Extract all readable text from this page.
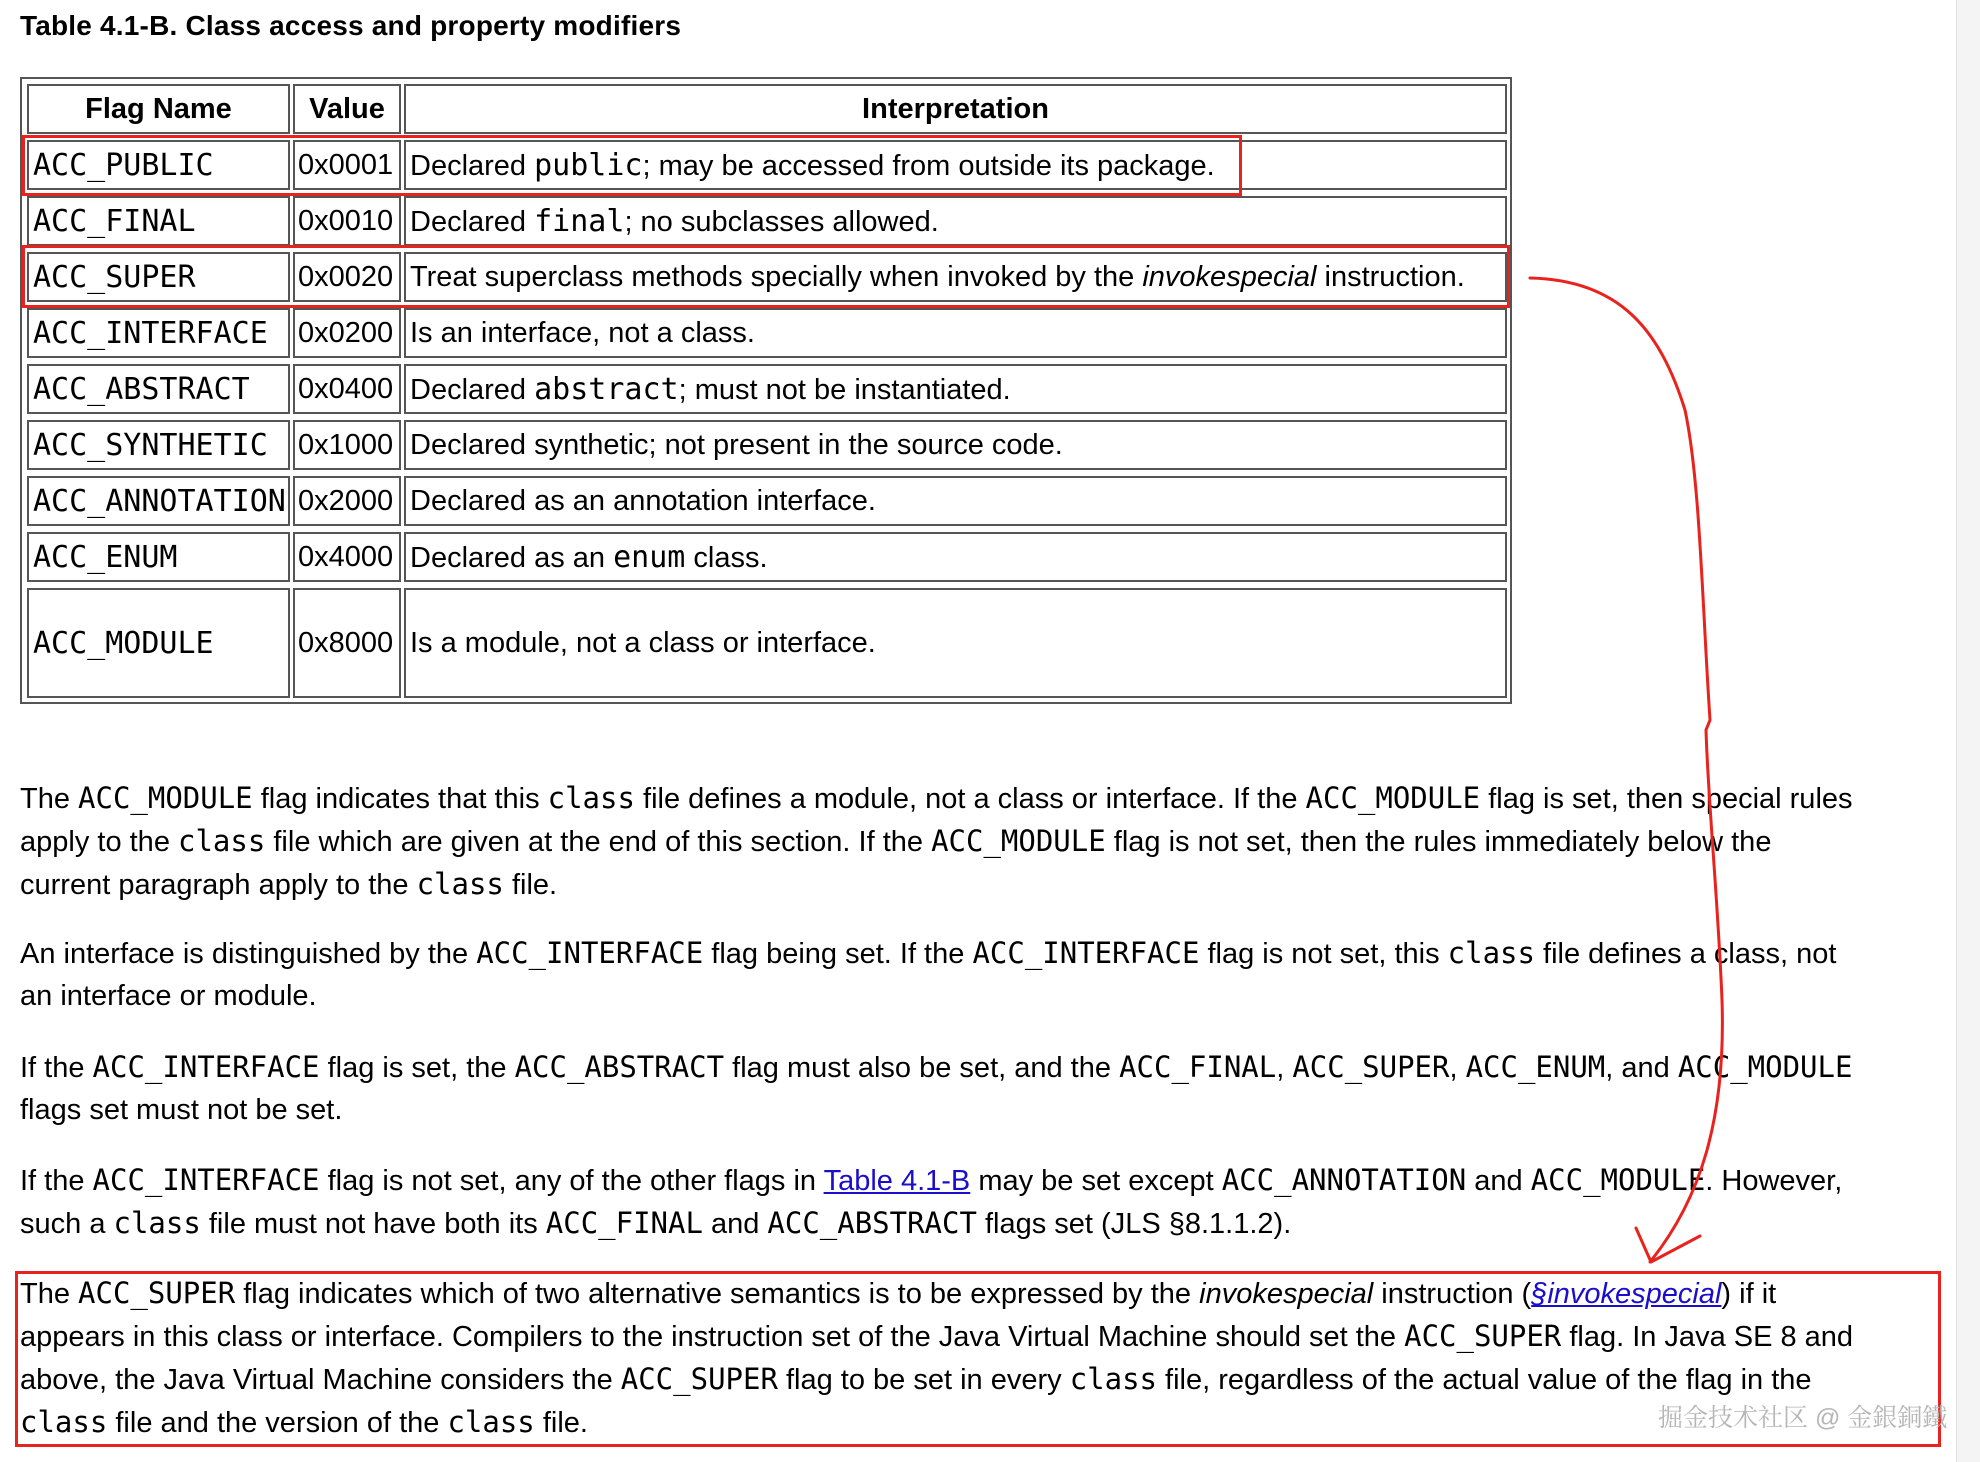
Table 4.1-B. Class access and property modifiers
Flag Name	Value	Interpretation
ACC_PUBLIC	0x0001 Declared public; may be accessed from outside its package.
ACC_FINAL	0x0010 Declared final; no subclasses allowed.
ACC_SUPER	0x0020 Treat superclass methods specially when invoked by the invokespecial instruction.
ACC_INTERFACE 0x0200 Is an interface, not a class.
ACC_ABSTRACT 0x0400 Declared abstract; must not be instantiated.
ACC_SYNTHETIC 0x1000 Declared synthetic; not present in the source code.
ACC_ANNOTATION 0x2000 Declared as an annotation interface.
ACC_ENUM	0x4000 Declared as an enum class.
ACC_MODULE	0x8000 Is a module, not a class or interface.
The ACC_MODULE flag indicates that this class file defines a module, not a class or interface. If the ACC_MODULE flag is set, then special rules
apply to the class file which are given at the end of this section. If the ACC_MODULE flag is not set, then the rules immediately below the
current paragraph apply to the class file.
An interface is distinguished by the ACC_INTERFACE flag being set. If the ACC_INTERFACE flag is not set, this class file defines a class, not
an interface or module.
If the ACC_INTERFACE flag is set, the ACC_ABSTRACT flag must also be set, and the ACC_FINAL, ACC_SUPER, ACC_ENUM, and ACC_MODULE
flags set must not be set.
If the ACC_INTERFACE flag is not set, any of the other flags in Table 4.1-B may be set except ACC_ANNOTATION and ACC_MODULE. However,
such a class file must not have both its ACC_FINAL and ACC_ABSTRACT flags set (JLS §8.1.1.2).
The ACC_SUPER flag indicates which of two alternative semantics is to be expressed by the invokespecial instruction (§invokespecial) if it
appears in this class or interface. Compilers to the instruction set of the Java Virtual Machine should set the ACC_SUPER flag. In Java SE 8 and
above, the Java Virtual Machine considers the ACC_SUPER flag to be set in every class file, regardless of the actual value of the flag in the
class file and the version of the class file.	掘金技术社区 @ 金銀銅鐵
